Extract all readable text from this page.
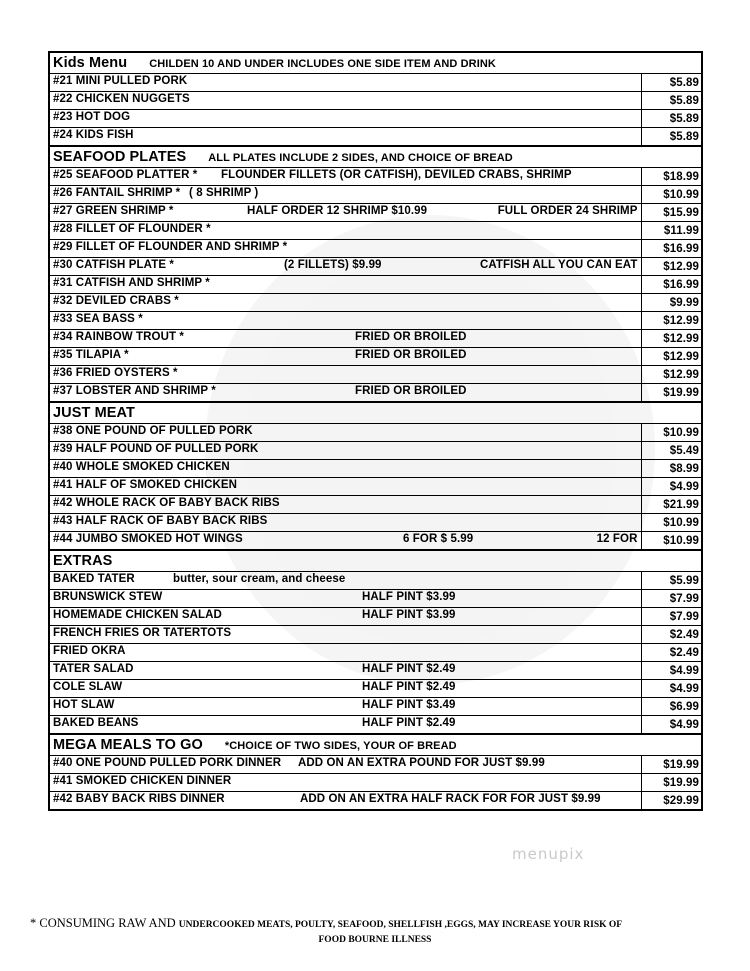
Kids Menu CHILDEN 10 AND UNDER INCLUDES ONE SIDE ITEM AND DRINK	

#21 MINI PULLED PORK	$5.89

#22 CHICKEN NUGGETS	$5.89

#23 HOT DOG	$5.89

#24 KIDS FISH	$5.89
SEAFOOD PLATES ALL PLATES INCLUDE 2 SIDES, AND CHOICE OF BREAD	

#25 SEAFOOD PLATTER * FLOUNDER FILLETS (OR CATFISH), DEVILED CRABS, SHRIMP	$18.99

#26 FANTAIL SHRIMP * ( 8 SHRIMP )	$10.99

#27 GREEN SHRIMP * HALF ORDER 12 SHRIMP $10.99 FULL ORDER 24 SHRIMP	$15.99

#28 FILLET OF FLOUNDER *	$11.99

#29 FILLET OF FLOUNDER AND SHRIMP *	$16.99

#30 CATFISH PLATE * (2 FILLETS) $9.99 CATFISH ALL YOU CAN EAT	$12.99

#31 CATFISH AND SHRIMP *	$16.99

#32 DEVILED CRABS *	$9.99

#33 SEA BASS *	$12.99

#34 RAINBOW TROUT * FRIED OR BROILED	$12.99

#35 TILAPIA * FRIED OR BROILED	$12.99

#36 FRIED OYSTERS *	$12.99

#37 LOBSTER AND SHRIMP * FRIED OR BROILED	$19.99
JUST MEAT	

#38 ONE POUND OF PULLED PORK	$10.99

#39 HALF POUND OF PULLED PORK	$5.49

#40 WHOLE SMOKED CHICKEN	$8.99

#41 HALF OF SMOKED CHICKEN	$4.99

#42 WHOLE RACK OF BABY BACK RIBS	$21.99

#43 HALF RACK OF BABY BACK RIBS	$10.99

#44 JUMBO SMOKED HOT WINGS 6 FOR $ 5.99 12 FOR	$10.99
EXTRAS	

BAKED TATER butter, sour cream, and cheese	$5.99

BRUNSWICK STEW HALF PINT $3.99	$7.99

HOMEMADE CHICKEN SALAD HALF PINT $3.99	$7.99

FRENCH FRIES OR TATERTOTS	$2.49

FRIED OKRA	$2.49

TATER SALAD HALF PINT $2.49	$4.99

COLE SLAW HALF PINT $2.49	$4.99

HOT SLAW HALF PINT $3.49	$6.99

BAKED BEANS HALF PINT $2.49	$4.99
MEGA MEALS TO GO *CHOICE OF TWO SIDES, YOUR OF BREAD	

#40 ONE POUND PULLED PORK DINNER ADD ON AN EXTRA POUND FOR JUST $9.99	$19.99

#41 SMOKED CHICKEN DINNER	$19.99

#42 BABY BACK RIBS DINNER ADD ON AN EXTRA HALF RACK FOR FOR JUST $9.99	$29.99
menupix
* CONSUMING RAW AND UNDERCOOKED MEATS, POULTY, SEAFOOD, SHELLFISH ,EGGS, MAY INCREASE YOUR RISK OF
FOOD BOURNE ILLNESS
